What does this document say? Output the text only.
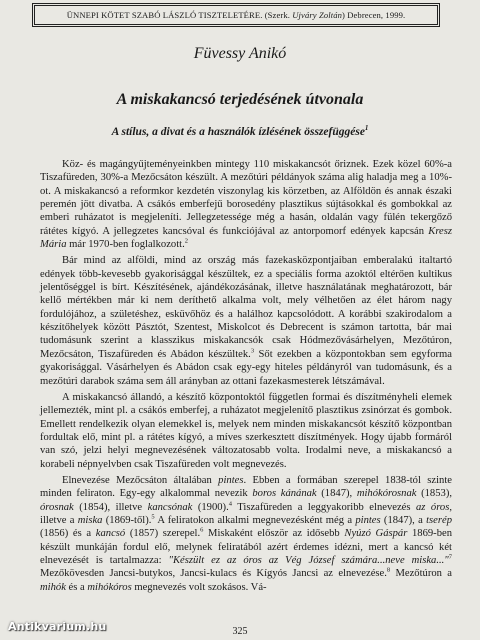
ÜNNEPI KÖTET SZABÓ LÁSZLÓ TISZTELETÉRE. (Szerk. Ujváry Zoltán) Debrecen, 1999.
Füvessy Anikó
A miskakancsó terjedésének útvonala
A stílus, a divat és a használók ízlésének összefüggése$^1$

Köz- és magángyűjteményeinkben mintegy 110 miskakancsót őriznek. Ezek közel 60%-a Tiszafüreden, 30%-a Mezőcsáton készült. A mezőtúri példányok száma alig haladja meg a 10%-ot. A miskakancsó a reformkor kezdetén viszonylag kis körzetben, az Alföldön és annak északi peremén jött divatba. A csákós emberfejű borosedény plasztikus sújtásokkal és gombokkal az emberi ruházatot is megjeleníti. Jellegzetessége még a hasán, oldalán vagy fülén tekergőző rátétes kígyó. A jellegzetes kancsóval és funkciójával az antorpomorf edények kapcsán Kresz Mária már 1970-ben foglalkozott.$^2$

Bár mind az alföldi, mind az ország más fazekasközpontjaiban emberalakú italtartó edények több-kevesebb gyakorisággal készültek, ez a speciális forma azoktól eltérően kultikus jelentőséggel is bírt. Készítésének, ajándékozásának, illetve használatának meghatározott, bár kellő mértékben már ki nem deríthető alkalma volt, mely vélhetően az élet három nagy fordulójához, a születéshez, esküvőhöz és a halálhoz kapcsolódott. A korábbi szakirodalom a készítőhelyek között Pásztót, Szentest, Miskolcot és Debrecent is számon tartotta, bár mai tudomásunk szerint a klasszikus miskakancsók csak Hódmezővásárhelyen, Mezőtúron, Mezőcsáton, Tiszafüreden és Abádon készültek.$^3$ Sőt ezekben a központokban sem egyforma gyakorisággal. Vásárhelyen és Abádon csak egy-egy hiteles példányról van tudomásunk, és a mezőtúri darabok száma sem áll arányban az ottani fazekasmesterek létszámával.

A miskakancsó állandó, a készítő központoktól független formai és díszítményheli elemek jellemezték, mint pl. a csákós emberfej, a ruházatot megjelenítő plasztikus zsinórzat és gombok. Emellett rendelkezik olyan elemekkel is, melyek nem minden miskakancsót készítő központban fordultak elő, mint pl. a rátétes kígyó, a míves szerkesztett díszítmények. Hogy újabb formáról van szó, jelzi helyi megnevezésének változatosabb volta. Irodalmi neve, a miskakancsó a korabeli népnyelvben csak Tiszafüreden volt megnevezés.

Elnevezése Mezőcsáton általában pintes. Ebben a formában szerepel 1838-tól szinte minden feliraton. Egy-egy alkalommal nevezik boros kánának (1847), mihókórosnak (1853), órosnak (1854), illetve kancsónak (1900).$^4$ Tiszafüreden a leggyakoribb elnevezés az óros, illetve a miska (1869-től).$^5$ A feliratokon alkalmi megnevezésként még a pintes (1847), a tserép (1856) és a kancsó (1857) szerepel.$^6$ Miskaként először az idősebb Nyúzó Gáspár 1869-ben készült munkáján fordul elő, melynek feliratából azért érdemes idézni, mert a kancsó két elnevezését is tartalmazza: "Készült ez az óros az Vég József számára...neve miska..."$^7$ Mezőkövesden Jancsi-butykos, Jancsi-kulacs és Kígyós Jancsi az elnevezése.$^8$ Mezőtúron a mihók és a mihókóros megnevezés volt szokásos. Vá-

325
Antikvarium.hu
